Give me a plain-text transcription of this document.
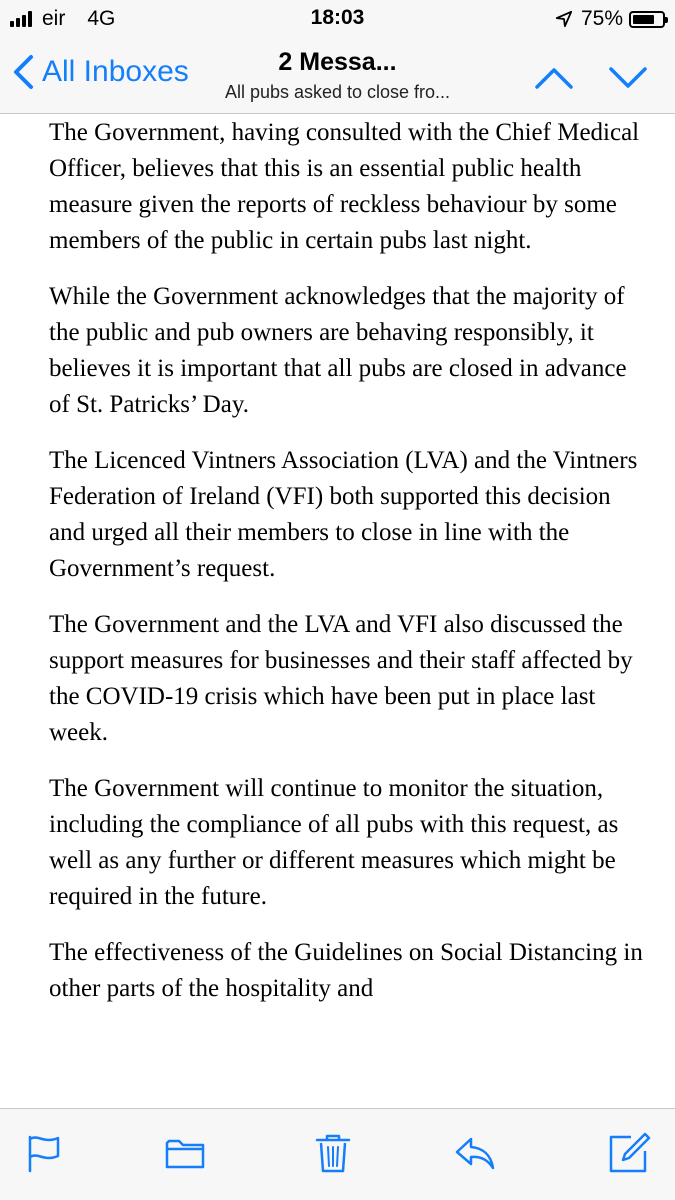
eir 4G	18:03	75%
All Inboxes	2 Messa...
All pubs asked to close fro...

The Government, having consulted with the Chief Medical Officer, believes that this is an essential public health measure given the reports of reckless behaviour by some members of the public in certain pubs last night.

While the Government acknowledges that the majority of the public and pub owners are behaving responsibly, it believes it is important that all pubs are closed in advance of St. Patricks’ Day.

The Licenced Vintners Association (LVA) and the Vintners Federation of Ireland (VFI) both supported this decision and urged all their members to close in line with the Government’s request.

The Government and the LVA and VFI also discussed the support measures for businesses and their staff affected by the COVID-19 crisis which have been put in place last week.

The Government will continue to monitor the situation, including the compliance of all pubs with this request, as well as any further or different measures which might be required in the future.

The effectiveness of the Guidelines on Social Distancing in other parts of the hospitality and
